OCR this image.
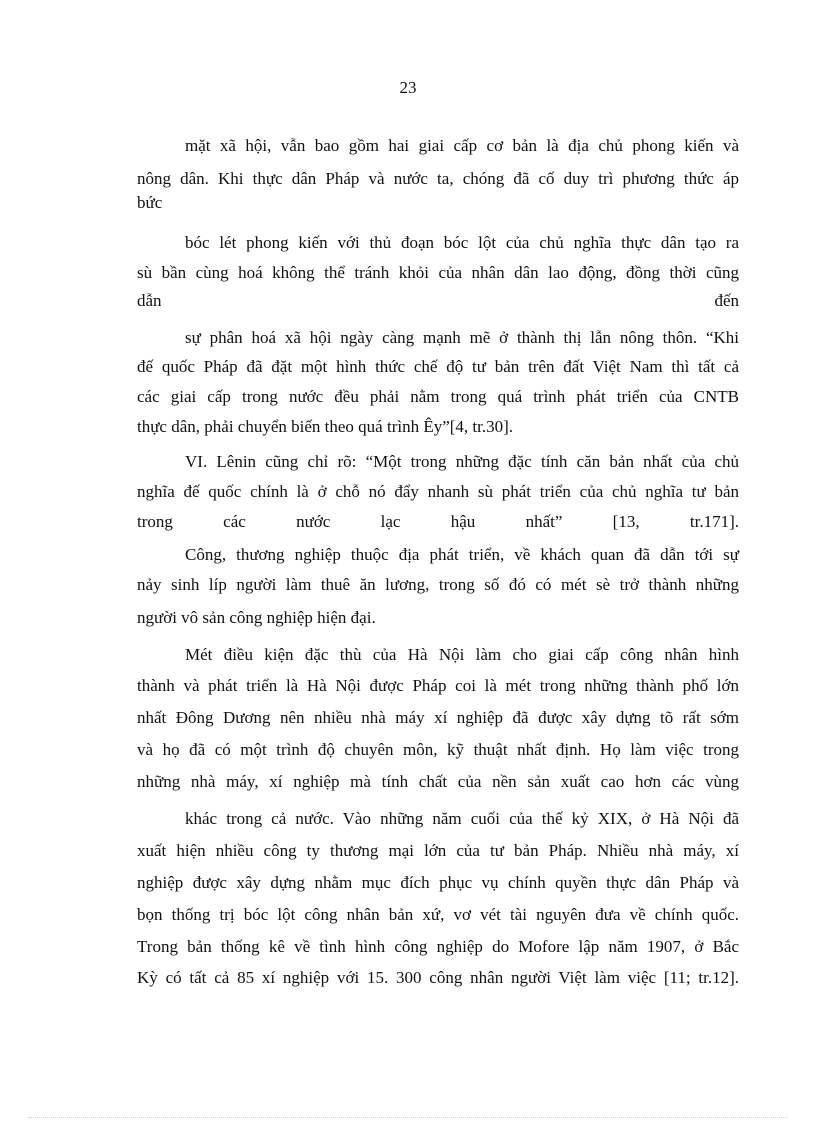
23
mặt xã hội, vẫn bao gồm hai giai cấp cơ bản là địa chủ phong kiến và
nông dân. Khi thực dân Pháp và nước ta, chóng đã cố duy trì phương thức áp
bức
bóc lét phong kiến với thủ đoạn bóc lột của chủ nghĩa thực dân tạo ra
sù bần cùng hoá không thể tránh khỏi của nhân dân lao động, đồng thời cũng
dẫn đến
sự phân hoá xã hội ngày càng mạnh mẽ ở thành thị lẫn nông thôn. “Khi
đế quốc Pháp đã đặt một hình thức chế độ tư bản trên đất Việt Nam thì tất cả
các giai cấp trong nước đều phải nằm trong quá trình phát triển của CNTB
thực dân, phải chuyển biến theo quá trình Êy”[4, tr.30].
VI. Lênin cũng chỉ rõ: “Một trong những đặc tính căn bản nhất của chủ
nghĩa đế quốc chính là ở chỗ nó đẩy nhanh sù phát triển của chủ nghĩa tư bản
trong các nước lạc hậu nhất” [13, tr.171].
Công, thương nghiệp thuộc địa phát triển, về khách quan đã dẫn tới sự
nảy sinh líp người làm thuê ăn lương, trong số đó có mét sè trở thành những
người vô sản công nghiệp hiện đại.
Mét điều kiện đặc thù của Hà Nội làm cho giai cấp công nhân hình
thành và phát triển là Hà Nội được Pháp coi là mét trong những thành phố lớn
nhất Đông Dương nên nhiều nhà máy xí nghiệp đã được xây dựng tõ rất sớm
và họ đã có một trình độ chuyên môn, kỹ thuật nhất định. Họ làm việc trong
những nhà máy, xí nghiệp mà tính chất của nền sản xuất cao hơn các vùng
khác trong cả nước. Vào những năm cuối của thế kỷ XIX, ở Hà Nội đã
xuất hiện nhiều công ty thương mại lớn của tư bản Pháp. Nhiều nhà máy, xí
nghiệp được xây dựng nhằm mục đích phục vụ chính quyền thực dân Pháp và
bọn thống trị bóc lột công nhân bản xứ, vơ vét tài nguyên đưa về chính quốc.
Trong bản thống kê về tình hình công nghiệp do Mofore lập năm 1907, ở Bắc
Kỳ có tất cả 85 xí nghiệp với 15. 300 công nhân người Việt làm việc [11; tr.12].
